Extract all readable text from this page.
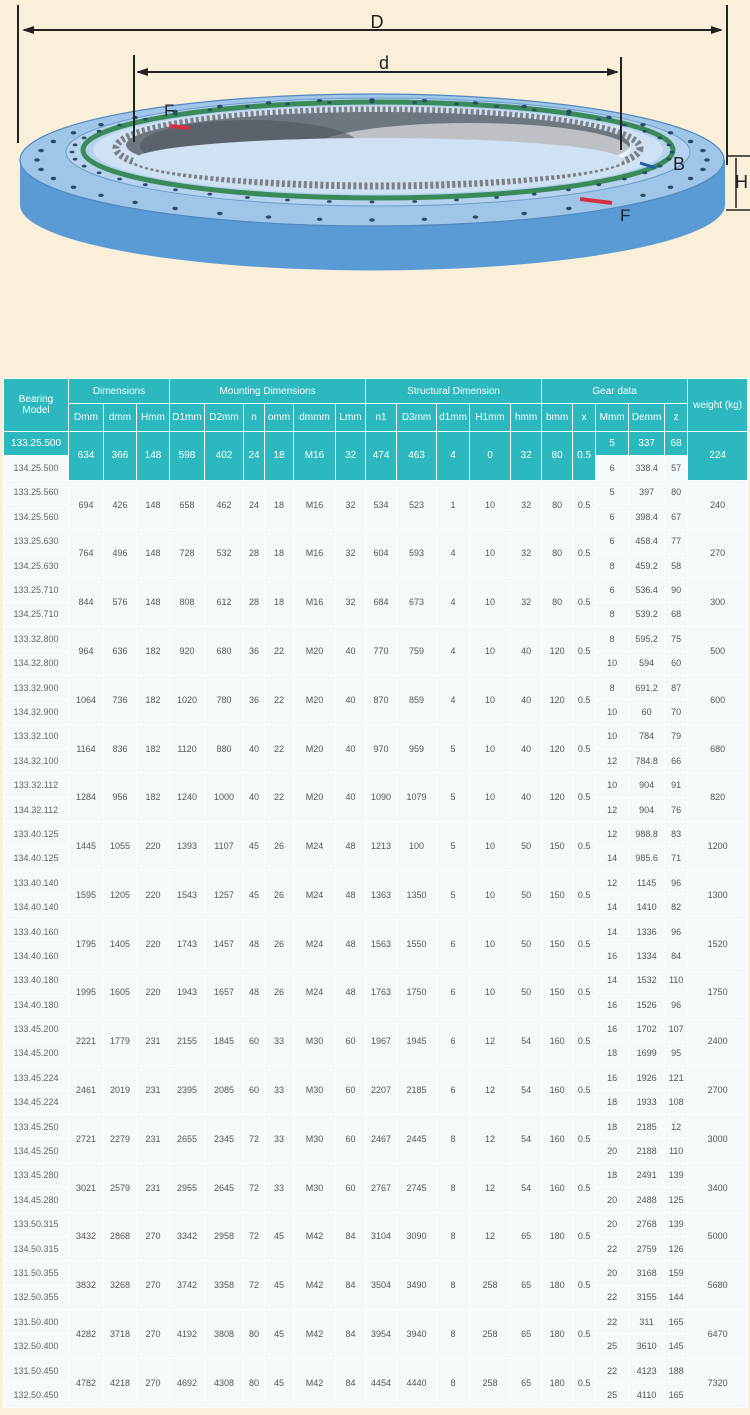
D
d
H
B
F
F
Bearing Model	Dimensions			Mounting Dimensions						Structural Dimension					Gear data					weight (kg)
	Dmm	dmm	Hmm	D1mm	D2mm	n	omm	dmmm	Lmm	n1	D3mm	d1mm	H1mm	hmm	bmm	x	Mmm	Demm	z	
133.25.500	634	366	148	598	402	24	18	M16	32	474	463	4	0	32	80	0.5	5	337	68	224
134.25.500																	6	338.4	57	
133.25.560	694	426	148	658	462	24	18	M16	32	534	523	1	10	32	80	0.5	5	397	80	240
134.25.560																	6	398.4	67	
133.25.630	764	496	148	728	532	28	18	M16	32	604	593	4	10	32	80	0.5	6	458.4	77	270
134.25.630																	8	459.2	58	
133.25.710	844	576	148	808	612	28	18	M16	32	684	673	4	10	32	80	0.5	6	536.4	90	300
134.25.710																	8	539.2	68	
133.32.800	964	636	182	920	680	36	22	M20	40	770	759	4	10	40	120	0.5	8	595.2	75	500
134.32.800																	10	594	60	
133.32.900	1064	736	182	1020	780	36	22	M20	40	870	859	4	10	40	120	0.5	8	691.2	87	600
134.32.900																	10	60	70	
133.32.100	1164	836	182	1120	880	40	22	M20	40	970	959	5	10	40	120	0.5	10	784	79	680
134.32.100																	12	784.8	66	
133.32.112	1284	956	182	1240	1000	40	22	M20	40	1090	1079	5	10	40	120	0.5	10	904	91	820
134.32.112																	12	904	76	
133.40.125	1445	1055	220	1393	1107	45	26	M24	48	1213	100	5	10	50	150	0.5	12	988.8	83	1200
134.40.125																	14	985.6	71	
133.40.140	1595	1205	220	1543	1257	45	26	M24	48	1363	1350	5	10	50	150	0.5	12	1145	96	1300
134.40.140																	14	1410	82	
133.40.160	1795	1405	220	1743	1457	48	26	M24	48	1563	1550	6	10	50	150	0.5	14	1336	96	1520
134.40.160																	16	1334	84	
133.40.180	1995	1605	220	1943	1657	48	26	M24	48	1763	1750	6	10	50	150	0.5	14	1532	110	1750
134.40.180																	16	1526	96	
133.45.200	2221	1779	231	2155	1845	60	33	M30	60	1967	1945	6	12	54	160	0.5	16	1702	107	2400
134.45.200																	18	1699	95	
133.45.224	2461	2019	231	2395	2085	60	33	M30	60	2207	2185	6	12	54	160	0.5	16	1926	121	2700
134.45.224																	18	1933	108	
133.45.250	2721	2279	231	2655	2345	72	33	M30	60	2467	2445	8	12	54	160	0.5	18	2185	12	3000
134.45.250																	20	2188	110	
133.45.280	3021	2579	231	2955	2645	72	33	M30	60	2767	2745	8	12	54	160	0.5	18	2491	139	3400
134.45.280																	20	2488	125	
133.50.315	3432	2868	270	3342	2958	72	45	M42	84	3104	3090	8	12	65	180	0.5	20	2768	139	5000
134.50.315																	22	2759	126	
131.50.355	3832	3268	270	3742	3358	72	45	M42	84	3504	3490	8	258	65	180	0.5	20	3168	159	5680
132.50.355																	22	3155	144	
131.50.400	4282	3718	270	4192	3808	80	45	M42	84	3954	3940	8	258	65	180	0.5	22	311	165	6470
132.50.400																	25	3610	145	
131.50.450	4782	4218	270	4692	4308	80	45	M42	84	4454	4440	8	258	65	180	0.5	22	4123	188	7320
132.50.450																	25	4110	165	
